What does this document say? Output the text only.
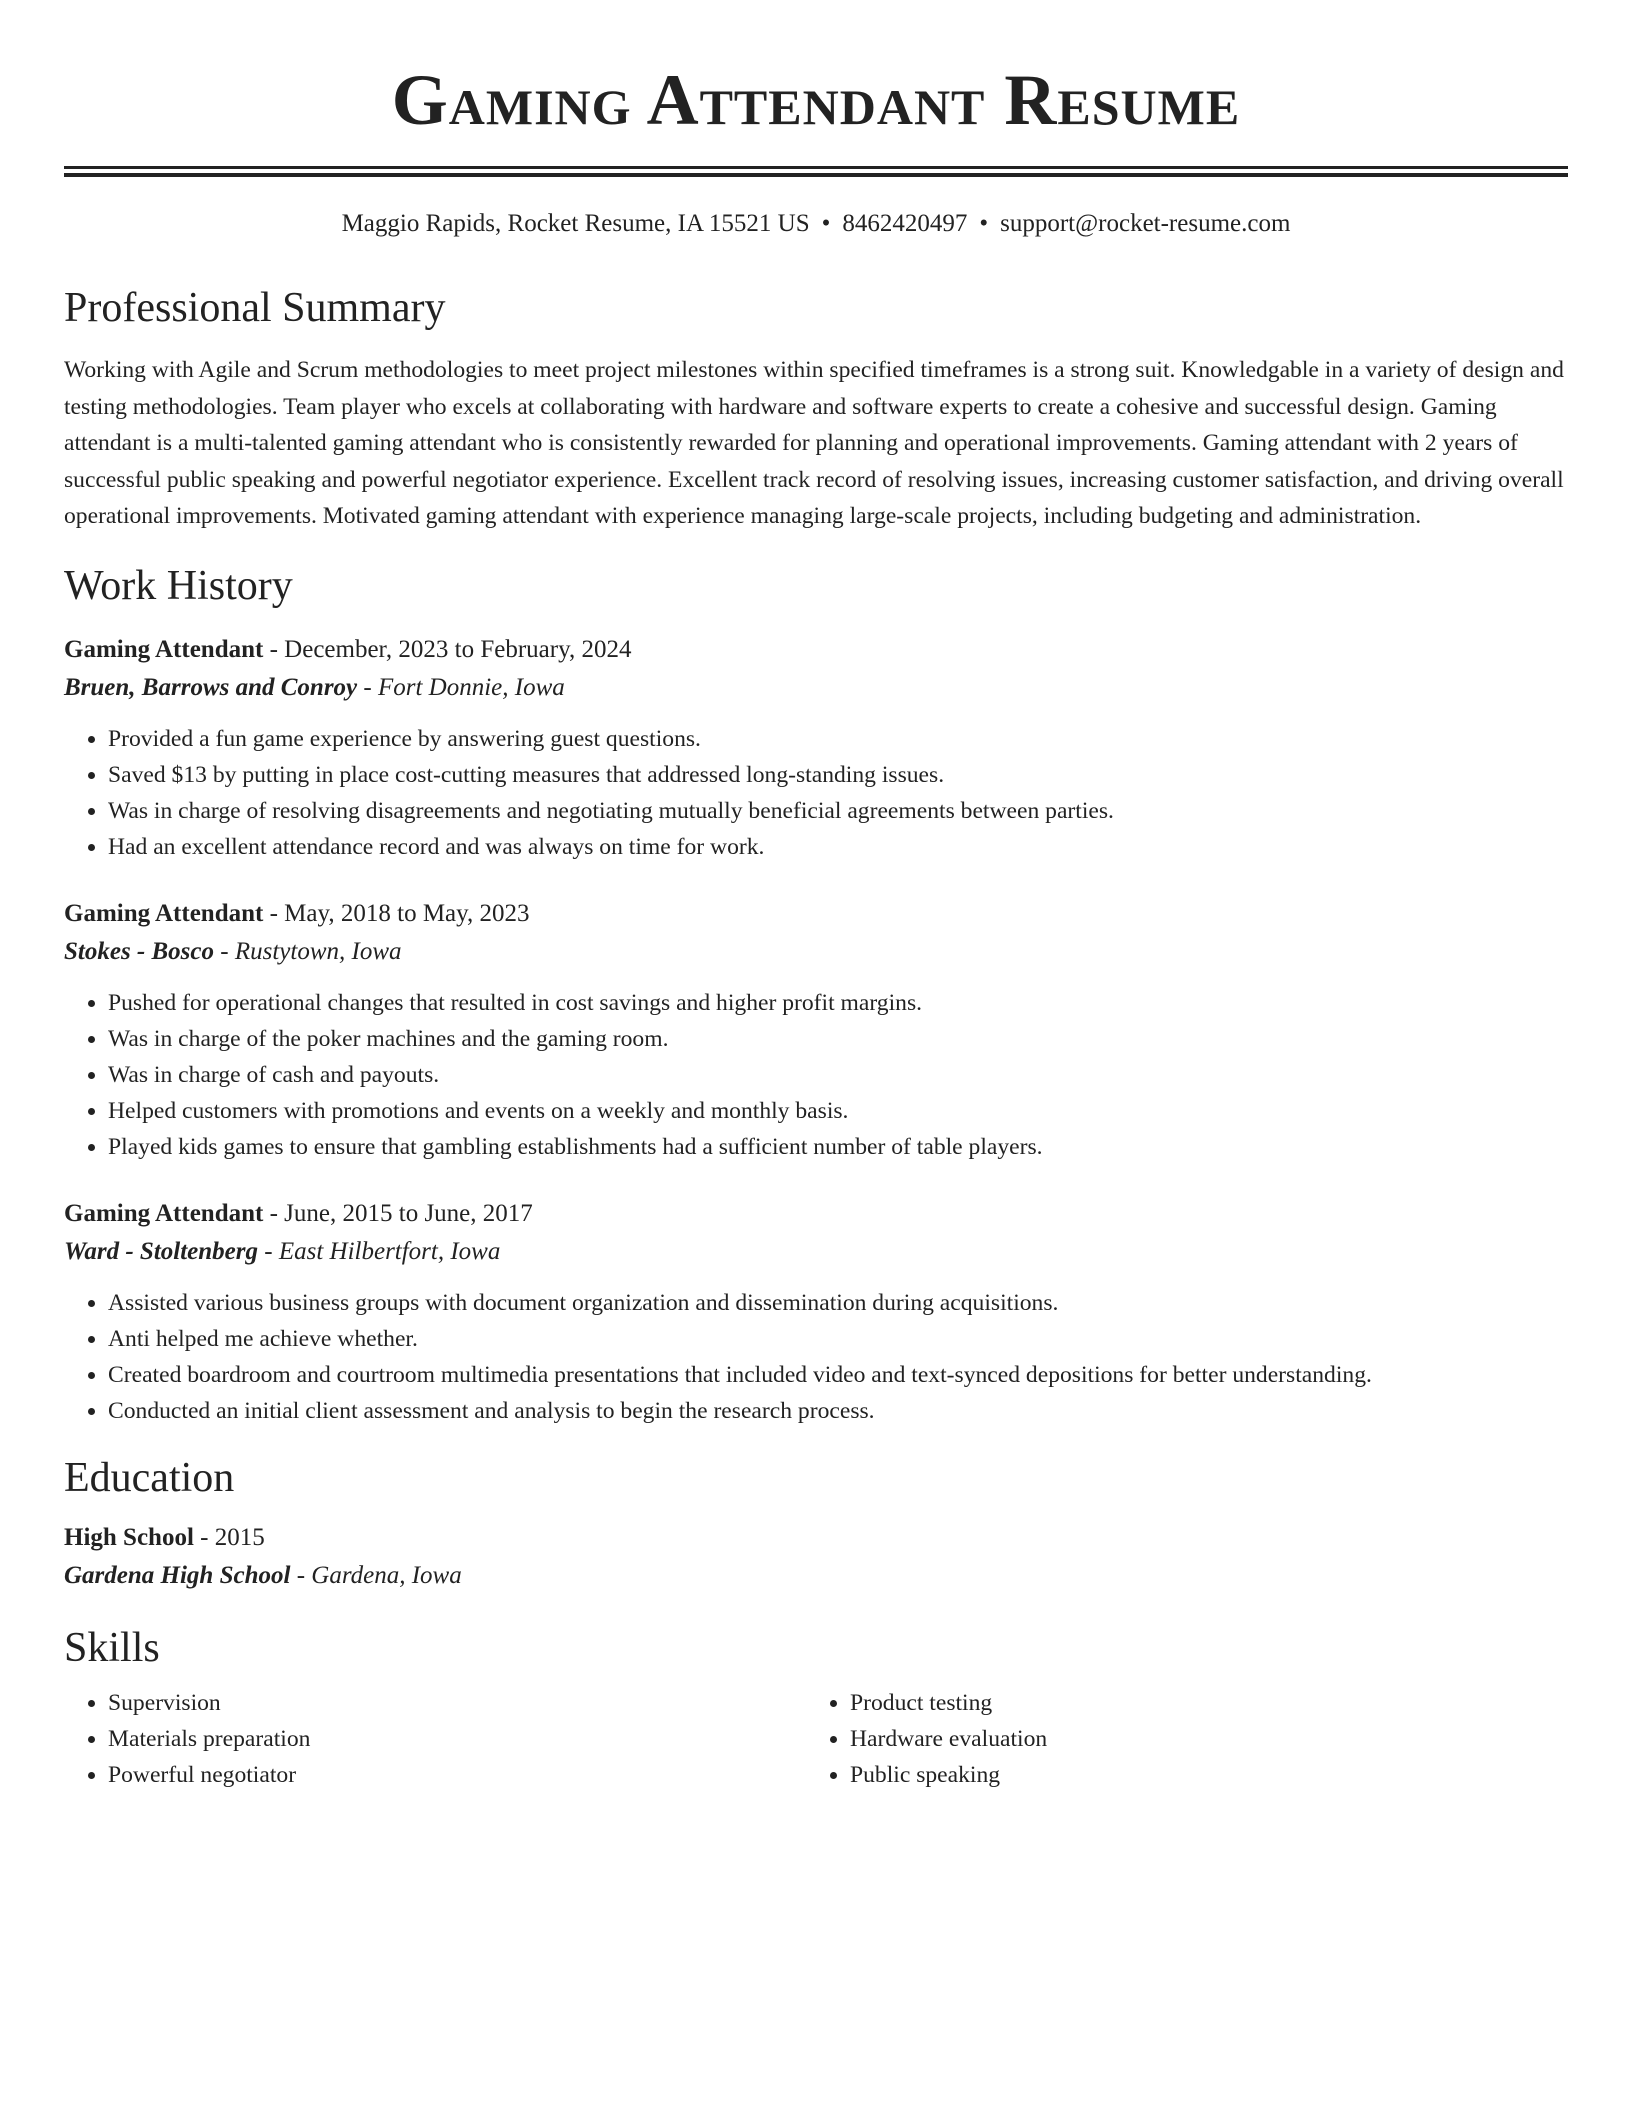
Gaming Attendant Resume
Maggio Rapids, Rocket Resume, IA 15521 US • 8462420497 • support@rocket-resume.com
Professional Summary
Working with Agile and Scrum methodologies to meet project milestones within specified timeframes is a strong suit. Knowledgable in a variety of design and testing methodologies. Team player who excels at collaborating with hardware and software experts to create a cohesive and successful design. Gaming attendant is a multi-talented gaming attendant who is consistently rewarded for planning and operational improvements. Gaming attendant with 2 years of successful public speaking and powerful negotiator experience. Excellent track record of resolving issues, increasing customer satisfaction, and driving overall operational improvements. Motivated gaming attendant with experience managing large-scale projects, including budgeting and administration.
Work History
Gaming Attendant - December, 2023 to February, 2024
Bruen, Barrows and Conroy - Fort Donnie, Iowa
• Provided a fun game experience by answering guest questions.
• Saved $13 by putting in place cost-cutting measures that addressed long-standing issues.
• Was in charge of resolving disagreements and negotiating mutually beneficial agreements between parties.
• Had an excellent attendance record and was always on time for work.
Gaming Attendant - May, 2018 to May, 2023
Stokes - Bosco - Rustytown, Iowa
• Pushed for operational changes that resulted in cost savings and higher profit margins.
• Was in charge of the poker machines and the gaming room.
• Was in charge of cash and payouts.
• Helped customers with promotions and events on a weekly and monthly basis.
• Played kids games to ensure that gambling establishments had a sufficient number of table players.
Gaming Attendant - June, 2015 to June, 2017
Ward - Stoltenberg - East Hilbertfort, Iowa
• Assisted various business groups with document organization and dissemination during acquisitions.
• Anti helped me achieve whether.
• Created boardroom and courtroom multimedia presentations that included video and text-synced depositions for better understanding.
• Conducted an initial client assessment and analysis to begin the research process.
Education
High School - 2015
Gardena High School - Gardena, Iowa
Skills
• Supervision
• Materials preparation
• Powerful negotiator
• Product testing
• Hardware evaluation
• Public speaking
